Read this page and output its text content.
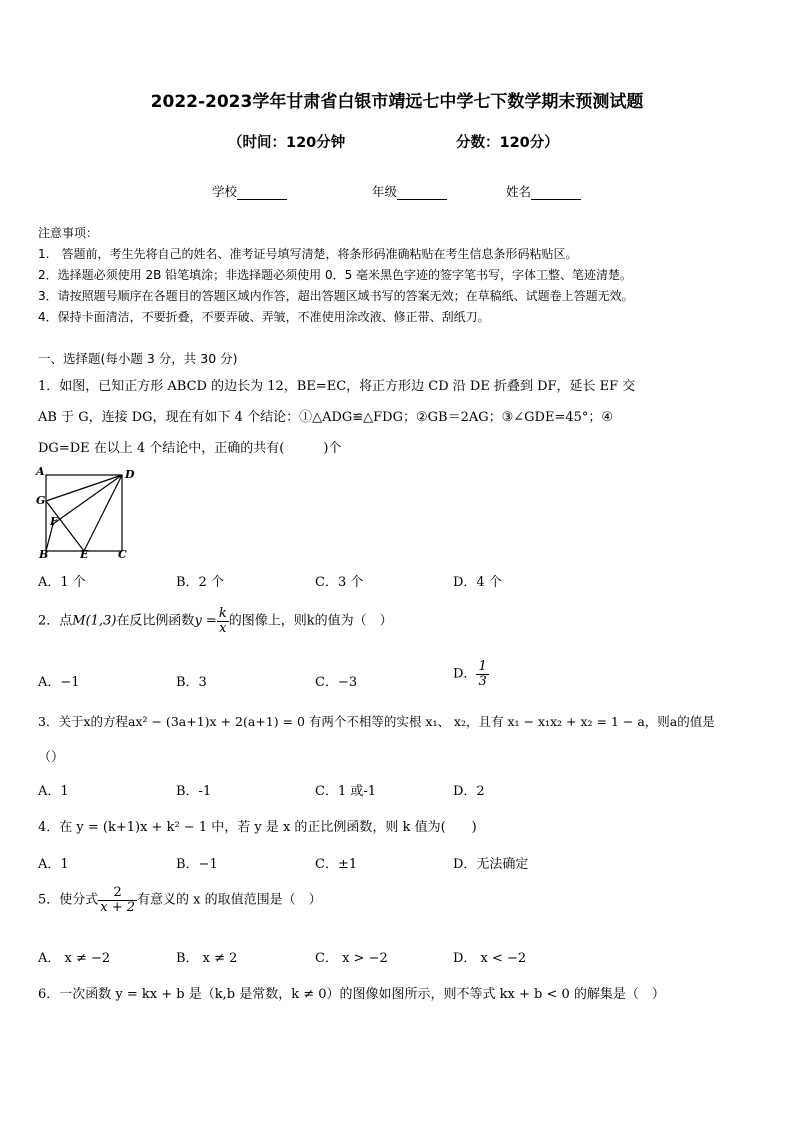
2022-2023学年甘肃省白银市靖远七中学七下数学期末预测试题
（时间：120分钟	分数：120分）
学校	年级	姓名
注意事项：
1.　答题前，考生先将自己的姓名、准考证号填写清楚，将条形码准确粘贴在考生信息条形码粘贴区。
2．选择题必须使用 2B 铅笔填涂；非选择题必须使用 0．5 毫米黑色字迹的签字笔书写，字体工整、笔迹清楚。
3．请按照题号顺序在各题目的答题区域内作答，超出答题区域书写的答案无效；在草稿纸、试题卷上答题无效。
4．保持卡面清洁，不要折叠，不要弄破、弄皱，不准使用涂改液、修正带、刮纸刀。
一、选择题(每小题 3 分，共 30 分)
1．如图，已知正方形 ABCD 的边长为 12，BE=EC，将正方形边 CD 沿 DE 折叠到 DF，延长 EF 交
AB 于 G，连接 DG，现在有如下 4 个结论：①△ADG≌△FDG；②GB＝2AG；③∠GDE=45°；④
DG=DE 在以上 4 个结论中，正确的共有(　　　)个
A	D
G
F
B	E	C
A．1 个	B．2 个	C．3 个	D．4 个
2．点M(1,3)在反比例函数$y = \frac{k}{x}$ 的图像上，则k的值为（　）
A．−1	B．3	C．−3
D． $\frac{1}{3}$
3．关于x的方程ax² − (3a+1)x + 2(a+1) = 0 有两个不相等的实根 x₁、 x₂，且有 x₁ − x₁x₂ + x₂ = 1 − a，则a的值是
（）
A．1	B．-1	C．1 或-1	D．2
4．在 y = (k+1)x + k² − 1 中，若 y 是 x 的正比例函数，则 k 值为(　　)
A．1	B．−1	C．±1	D．无法确定
5．使分式 $\frac{2}{x + 2}$ 有意义的 x 的取值范围是（　）
A． x ≠ −2	B． x ≠ 2	C． x > −2	D． x < −2
6．一次函数 y = kx + b 是（k,b 是常数，k ≠ 0）的图像如图所示，则不等式 kx + b < 0 的解集是（　）
